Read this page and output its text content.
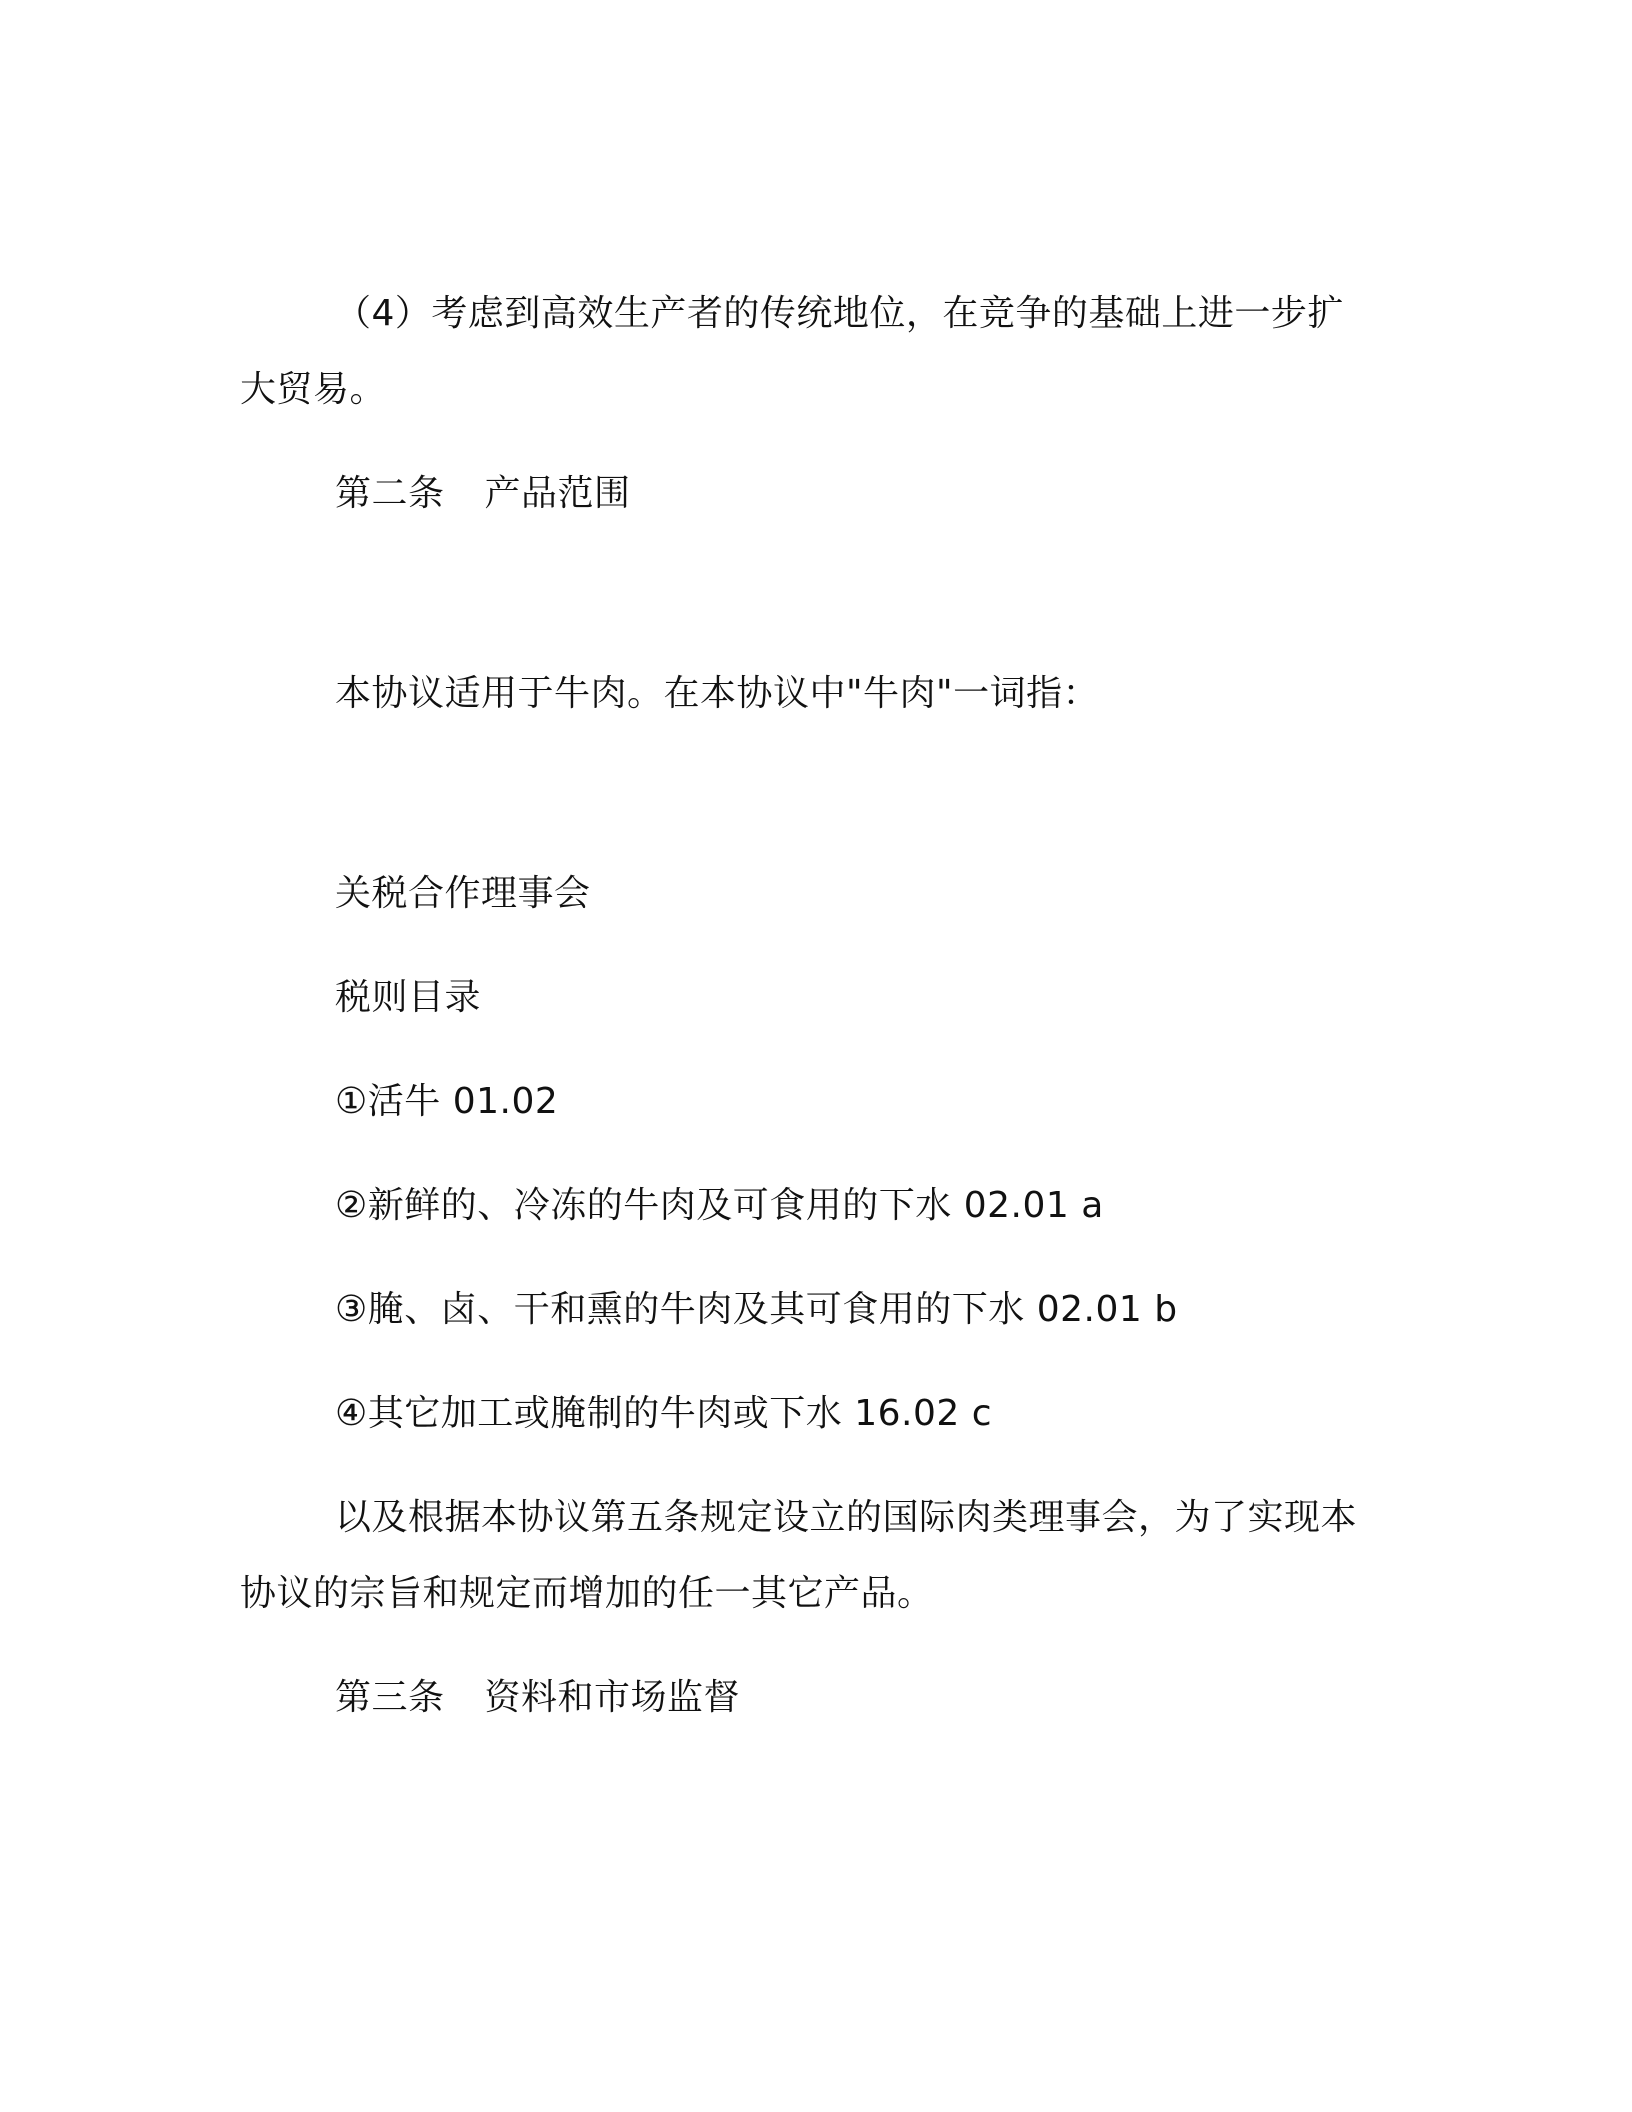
（4）考虑到高效生产者的传统地位，在竞争的基础上进一步扩
大贸易。
第二条 产品范围
本协议适用于牛肉。在本协议中"牛肉"一词指：
关税合作理事会
税则目录
①活牛 01.02
②新鲜的、冷冻的牛肉及可食用的下水 02.01 a
③腌、卤、干和熏的牛肉及其可食用的下水 02.01 b
④其它加工或腌制的牛肉或下水 16.02 c
以及根据本协议第五条规定设立的国际肉类理事会，为了实现本
协议的宗旨和规定而增加的任一其它产品。
第三条 资料和市场监督
